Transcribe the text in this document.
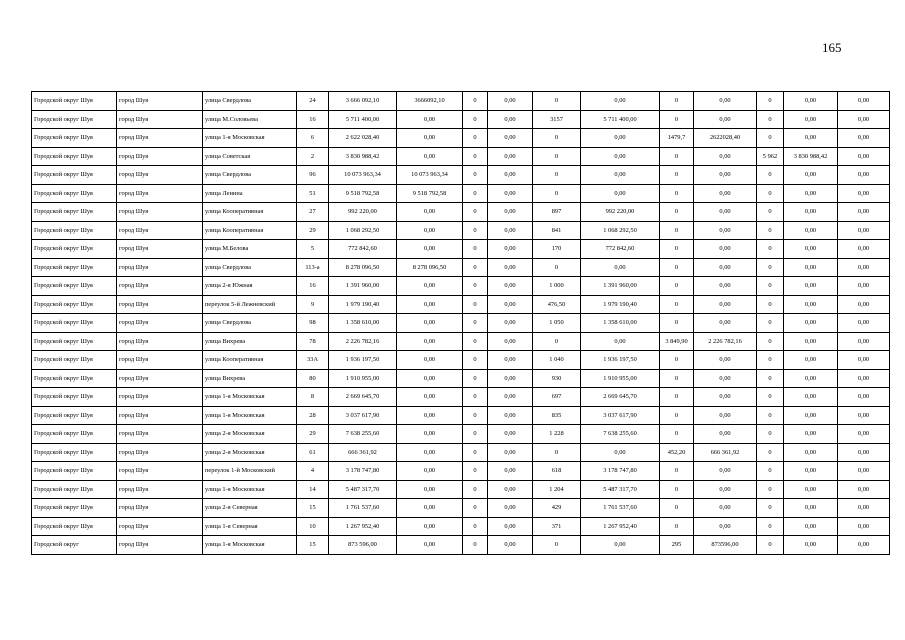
165
Городской округ Шуя	город Шуя	улица Свердлова	24	3 666 092,10	3666092,10	0	0,00	0	0,00	0	0,00	0	0,00	0,00
Городской округ Шуя	город Шуя	улица М.Соловьева	16	5 711 400,00	0,00	0	0,00	3157	5 711 400,00	0	0,00	0	0,00	0,00
Городской округ Шуя	город Шуя	улица 1-я Московская	6	2 622 028,40	0,00	0	0,00	0	0,00	1479,7	2622028,40	0	0,00	0,00
Городской округ Шуя	город Шуя	улица Советская	2	3 830 988,42	0,00	0	0,00	0	0,00	0	0,00	5 962	3 830 988,42	0,00
Городской округ Шуя	город Шуя	улица Свердлова	96	10 073 963,34	10 073 963,34	0	0,00	0	0,00	0	0,00	0	0,00	0,00
Городской округ Шуя	город Шуя	улица Ленина	51	9 518 792,58	9 518 792,58	0	0,00	0	0,00	0	0,00	0	0,00	0,00
Городской округ Шуя	город Шуя	улица Кооперативная	27	992 220,00	0,00	0	0,00	897	992 220,00	0	0,00	0	0,00	0,00
Городской округ Шуя	город Шуя	улица Кооперативная	29	1 068 292,50	0,00	0	0,00	841	1 068 292,50	0	0,00	0	0,00	0,00
Городской округ Шуя	город Шуя	улица М.Белова	5	772 842,60	0,00	0	0,00	170	772 842,60	0	0,00	0	0,00	0,00
Городской округ Шуя	город Шуя	улица Свердлова	113-а	8 278 096,50	8 278 096,50	0	0,00	0	0,00	0	0,00	0	0,00	0,00
Городской округ Шуя	город Шуя	улица 2-я Южная	16	1 391 960,00	0,00	0	0,00	1 000	1 391 960,00	0	0,00	0	0,00	0,00
Городской округ Шуя	город Шуя	переулок 5-й Лежневский	9	1 979 190,40	0,00	0	0,00	476,50	1 979 190,40	0	0,00	0	0,00	0,00
Городской округ Шуя	город Шуя	улица Свердлова	98	1 358 610,00	0,00	0	0,00	1 050	1 358 610,00	0	0,00	0	0,00	0,00
Городской округ Шуя	город Шуя	улица Вихрева	78	2 226 782,16	0,00	0	0,00	0	0,00	3 849,90	2 226 782,16	0	0,00	0,00
Городской округ Шуя	город Шуя	улица Кооперативная	33А	1 936 197,50	0,00	0	0,00	1 040	1 936 197,50	0	0,00	0	0,00	0,00
Городской округ Шуя	город Шуя	улица Вихрева	80	1 910 955,00	0,00	0	0,00	930	1 910 955,00	0	0,00	0	0,00	0,00
Городской округ Шуя	город Шуя	улица 1-я Московская	8	2 669 645,70	0,00	0	0,00	697	2 669 645,70	0	0,00	0	0,00	0,00
Городской округ Шуя	город Шуя	улица 1-я Московская	28	3 037 617,90	0,00	0	0,00	835	3 037 617,90	0	0,00	0	0,00	0,00
Городской округ Шуя	город Шуя	улица 2-я Московская	29	7 638 255,60	0,00	0	0,00	1 228	7 638 255,60	0	0,00	0	0,00	0,00
Городской округ Шуя	город Шуя	улица 2-я Московская	61	666 361,92	0,00	0	0,00	0	0,00	452,20	666 361,92	0	0,00	0,00
Городской округ Шуя	город Шуя	переулок 1-й Московский	4	3 178 747,80	0,00	0	0,00	618	3 178 747,80	0	0,00	0	0,00	0,00
Городской округ Шуя	город Шуя	улица 1-я Московская	14	5 487 317,70	0,00	0	0,00	1 204	5 487 317,70	0	0,00	0	0,00	0,00
Городской округ Шуя	город Шуя	улица 2-я Северная	15	1 761 537,60	0,00	0	0,00	429	1 761 537,60	0	0,00	0	0,00	0,00
Городской округ Шуя	город Шуя	улица 1-я Северная	10	1 267 952,40	0,00	0	0,00	371	1 267 952,40	0	0,00	0	0,00	0,00
Городской округ	город Шуя	улица 1-я Московская	15	873 596,00	0,00	0	0,00	0	0,00	295	873596,00	0	0,00	0,00
